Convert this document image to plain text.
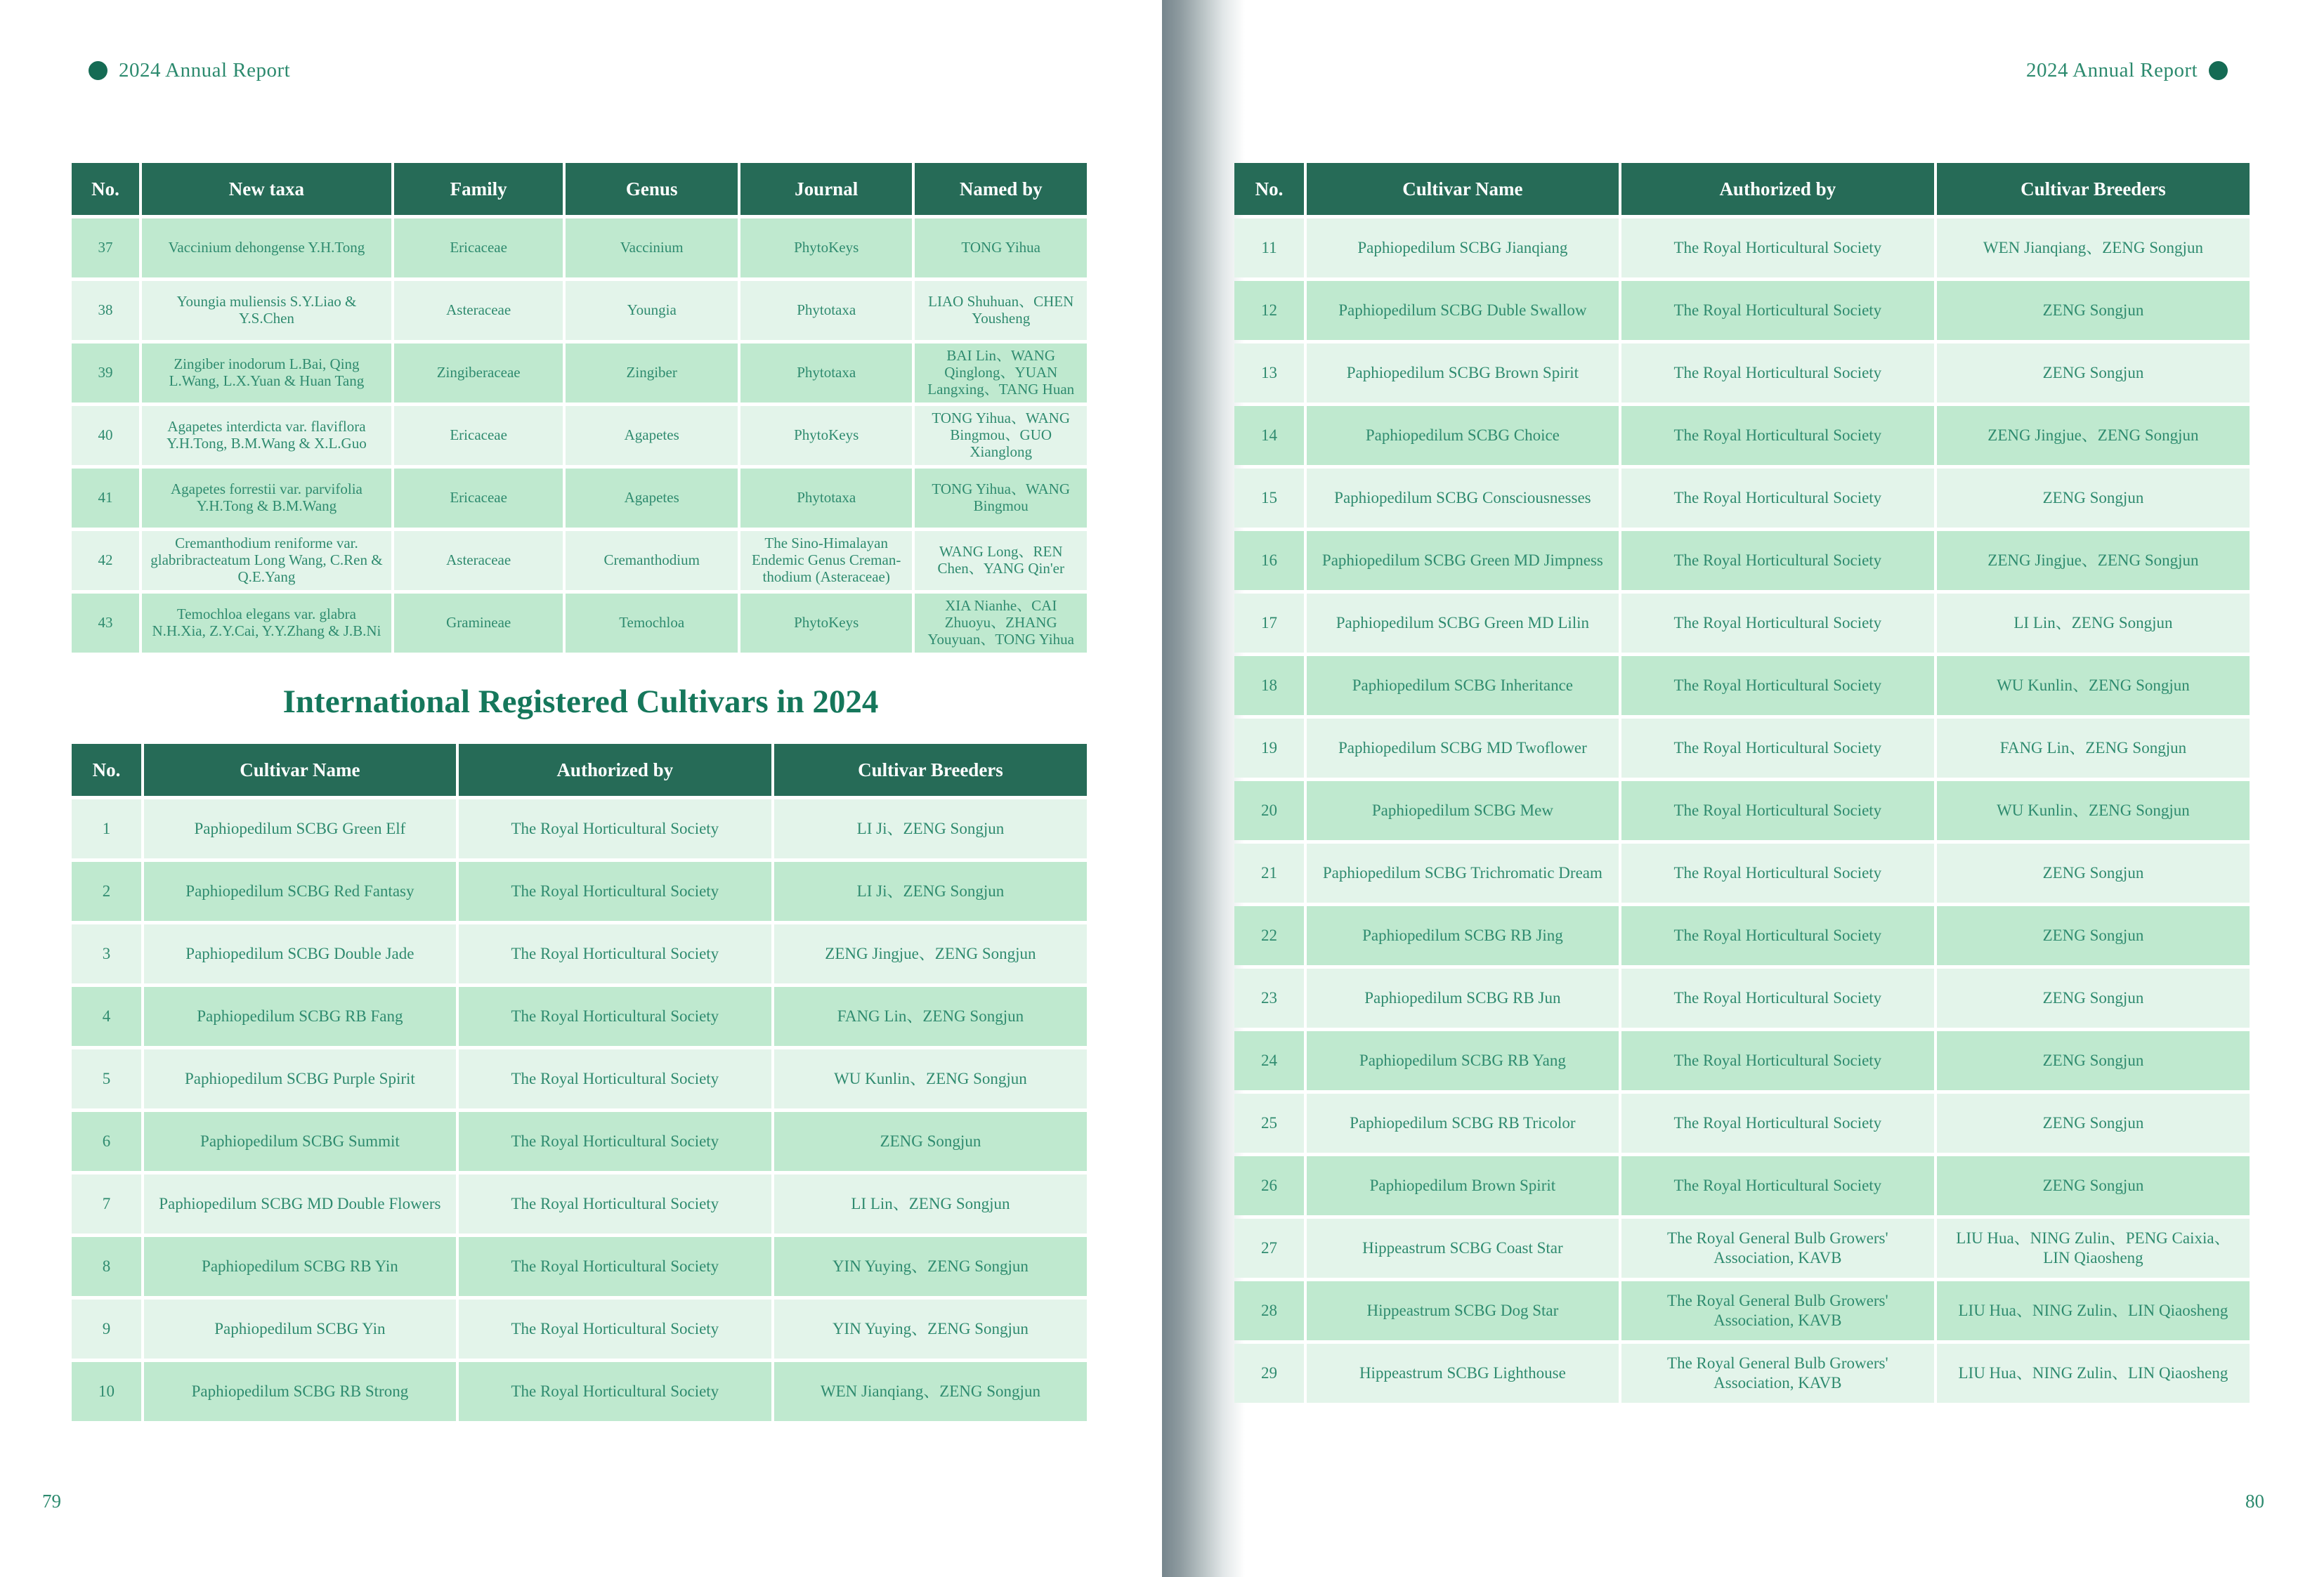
2024 Annual Report	2024 Annual Report
No.	New taxa	Family	Genus	Journal	Named by
37	Vaccinium dehongense Y.H.Tong	Ericaceae	Vaccinium	PhytoKeys	TONG Yihua
38	Youngia muliensis S.Y.Liao & Y.S.Chen	Asteraceae	Youngia	Phytotaxa	LIAO Shuhuan、CHEN Yousheng
39	Zingiber inodorum L.Bai, Qing L.Wang, L.X.Yuan & Huan Tang	Zingiberaceae	Zingiber	Phytotaxa	BAI Lin、WANG Qinglong、YUAN Langxing、TANG Huan
40	Agapetes interdicta var. flaviflora Y.H.Tong, B.M.Wang & X.L.Guo	Ericaceae	Agapetes	PhytoKeys	TONG Yihua、WANG Bingmou、GUO Xianglong
41	Agapetes forrestii var. parvifolia Y.H.Tong & B.M.Wang	Ericaceae	Agapetes	Phytotaxa	TONG Yihua、WANG Bingmou
42	Cremanthodium reniforme var. glabribracteatum Long Wang, C.Ren & Q.E.Yang	Asteraceae	Cremanthodium	The Sino-Himalayan Endemic Genus Creman-thodium (Asteraceae)	WANG Long、REN Chen、YANG Qin'er
43	Temochloa elegans var. glabra N.H.Xia, Z.Y.Cai, Y.Y.Zhang & J.B.Ni	Gramineae	Temochloa	PhytoKeys	XIA Nianhe、CAI Zhuoyu、ZHANG Youyuan、TONG Yihua
International Registered Cultivars in 2024
No.	Cultivar Name	Authorized by	Cultivar Breeders
1	Paphiopedilum SCBG Green Elf	The Royal Horticultural Society	LI Ji、ZENG Songjun
2	Paphiopedilum SCBG Red Fantasy	The Royal Horticultural Society	LI Ji、ZENG Songjun
3	Paphiopedilum SCBG Double Jade	The Royal Horticultural Society	ZENG Jingjue、ZENG Songjun
4	Paphiopedilum SCBG RB Fang	The Royal Horticultural Society	FANG Lin、ZENG Songjun
5	Paphiopedilum SCBG Purple Spirit	The Royal Horticultural Society	WU Kunlin、ZENG Songjun
6	Paphiopedilum SCBG Summit	The Royal Horticultural Society	ZENG Songjun
7	Paphiopedilum SCBG MD Double Flowers	The Royal Horticultural Society	LI Lin、ZENG Songjun
8	Paphiopedilum SCBG RB Yin	The Royal Horticultural Society	YIN Yuying、ZENG Songjun
9	Paphiopedilum SCBG Yin	The Royal Horticultural Society	YIN Yuying、ZENG Songjun
10	Paphiopedilum SCBG RB Strong	The Royal Horticultural Society	WEN Jianqiang、ZENG Songjun
No.	Cultivar Name	Authorized by	Cultivar Breeders
11	Paphiopedilum SCBG Jianqiang	The Royal Horticultural Society	WEN Jianqiang、ZENG Songjun
12	Paphiopedilum SCBG Duble Swallow	The Royal Horticultural Society	ZENG Songjun
13	Paphiopedilum SCBG Brown Spirit	The Royal Horticultural Society	ZENG Songjun
14	Paphiopedilum SCBG Choice	The Royal Horticultural Society	ZENG Jingjue、ZENG Songjun
15	Paphiopedilum SCBG Consciousnesses	The Royal Horticultural Society	ZENG Songjun
16	Paphiopedilum SCBG Green MD Jimpness	The Royal Horticultural Society	ZENG Jingjue、ZENG Songjun
17	Paphiopedilum SCBG Green MD Lilin	The Royal Horticultural Society	LI Lin、ZENG Songjun
18	Paphiopedilum SCBG Inheritance	The Royal Horticultural Society	WU Kunlin、ZENG Songjun
19	Paphiopedilum SCBG MD Twoflower	The Royal Horticultural Society	FANG Lin、ZENG Songjun
20	Paphiopedilum SCBG Mew	The Royal Horticultural Society	WU Kunlin、ZENG Songjun
21	Paphiopedilum SCBG Trichromatic Dream	The Royal Horticultural Society	ZENG Songjun
22	Paphiopedilum SCBG RB Jing	The Royal Horticultural Society	ZENG Songjun
23	Paphiopedilum SCBG RB Jun	The Royal Horticultural Society	ZENG Songjun
24	Paphiopedilum SCBG RB Yang	The Royal Horticultural Society	ZENG Songjun
25	Paphiopedilum SCBG RB Tricolor	The Royal Horticultural Society	ZENG Songjun
26	Paphiopedilum Brown Spirit	The Royal Horticultural Society	ZENG Songjun
27	Hippeastrum SCBG Coast Star	The Royal General Bulb Growers' Association, KAVB	LIU Hua、NING Zulin、PENG Caixia、LIN Qiaosheng
28	Hippeastrum SCBG Dog Star	The Royal General Bulb Growers' Association, KAVB	LIU Hua、NING Zulin、LIN Qiaosheng
29	Hippeastrum SCBG Lighthouse	The Royal General Bulb Growers' Association, KAVB	LIU Hua、NING Zulin、LIN Qiaosheng
79	80
